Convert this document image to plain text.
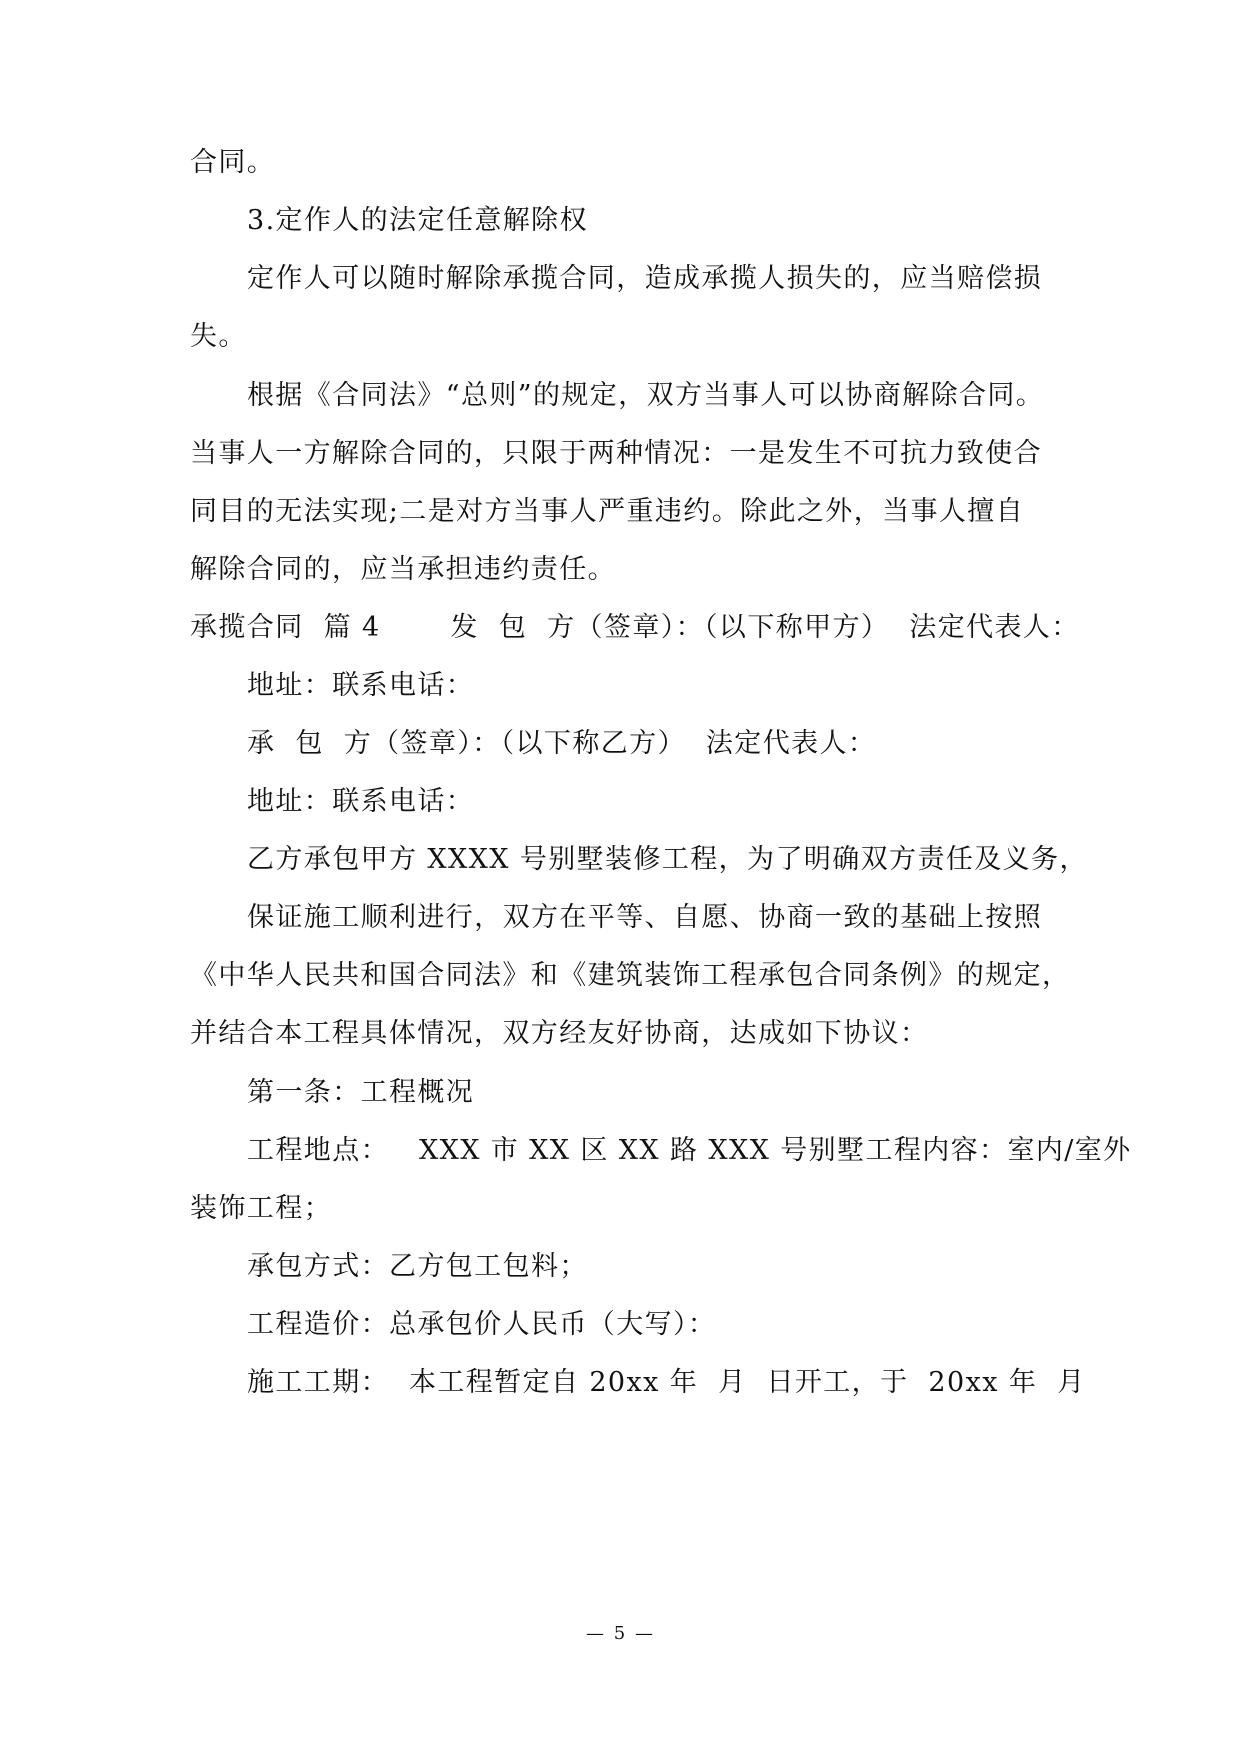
合同。
3.定作人的法定任意解除权
定作人可以随时解除承揽合同，造成承揽人损失的，应当赔偿损
失。
根据《合同法》“总则”的规定，双方当事人可以协商解除合同。
当事人一方解除合同的，只限于两种情况：一是发生不可抗力致使合
同目的无法实现;二是对方当事人严重违约。除此之外，当事人擅自
解除合同的，应当承担违约责任。
承揽合同  篇 4       发  包  方（签章）：（以下称甲方）  法定代表人：
地址：联系电话：
承  包  方（签章）：（以下称乙方）  法定代表人：
地址：联系电话：
乙方承包甲方 XXXX 号别墅装修工程，为了明确双方责任及义务，
保证施工顺利进行，双方在平等、自愿、协商一致的基础上按照
《中华人民共和国合同法》和《建筑装饰工程承包合同条例》的规定，
并结合本工程具体情况，双方经友好协商，达成如下协议：
第一条：工程概况
工程地点：   XXX 市 XX 区 XX 路 XXX 号别墅工程内容：室内/室外
装饰工程；
承包方式：乙方包工包料；
工程造价：总承包价人民币（大写）：
施工工期：  本工程暂定自 20xx 年  月  日开工，于  20xx 年  月
— 5 —
